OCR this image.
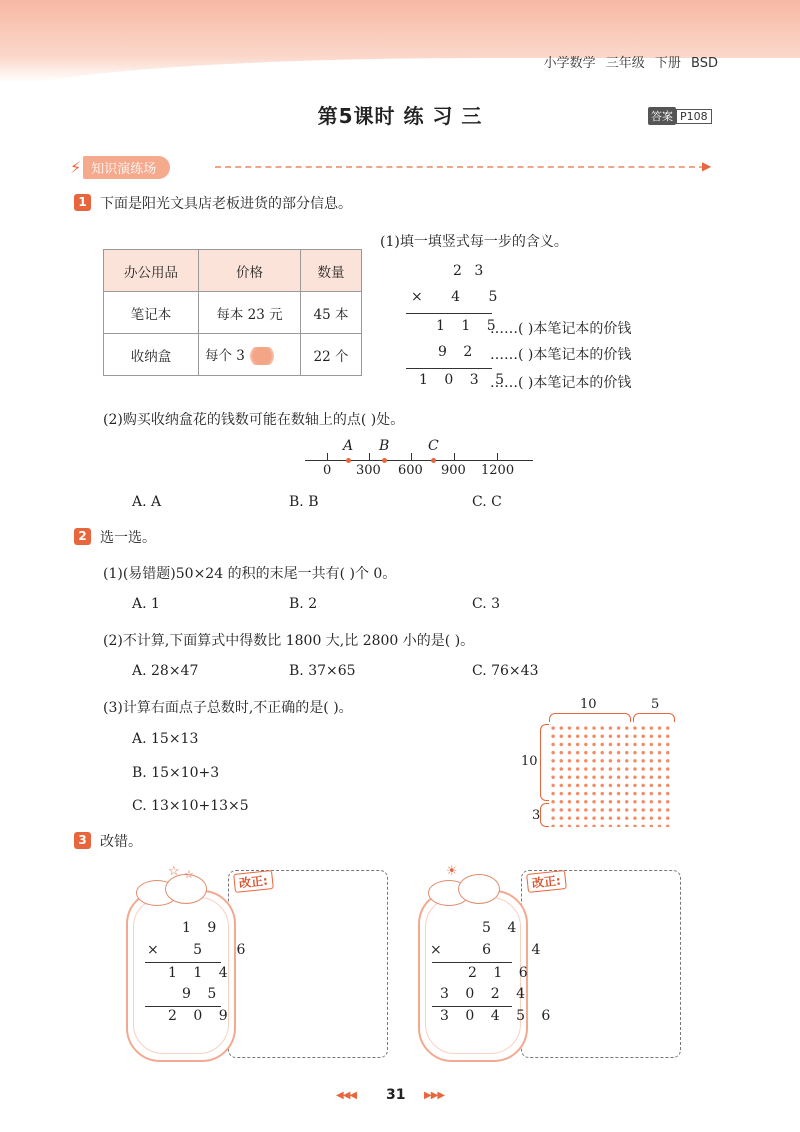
小学数学 三年级 下册 BSD
第5课时 练 习 三	答案 P108
⚡ 知识演练场	▶
1 下面是阳光文具店老板进货的部分信息。
办公用品	价格	数量
笔记本	每本 23 元	45 本
收纳盒	每个 3	22 个
(1)填一填竖式每一步的含义。
2 3
× 4 5
1 1 5
9 2
1 0 3 5
……( )本笔记本的价钱
……( )本笔记本的价钱
……( )本笔记本的价钱
(2)购买收纳盒花的钱数可能在数轴上的点( )处。
A B	C
0 300 600 900 1200
A. A	B. B	C. C
2 选一选。
(1)(易错题)50×24 的积的末尾一共有( )个 0。
A. 1	B. 2	C. 3
(2)不计算,下面算式中得数比 1800 大,比 2800 小的是( )。
A. 28×47	B. 37×65	C. 76×43
(3)计算右面点子总数时,不正确的是( )。
A. 15×13
B. 15×10+3
C. 13×10+13×5
10	5
10
3
3 改错。
☆ ☆	改正:
1 9
× 5 6
1 1 4
9 5
2 0 9
☀
改正:
5 4
× 6 4
2 1 6
3 0 2 4
3 0 4 5 6
◀◀◀ 31 ▶▶▶
